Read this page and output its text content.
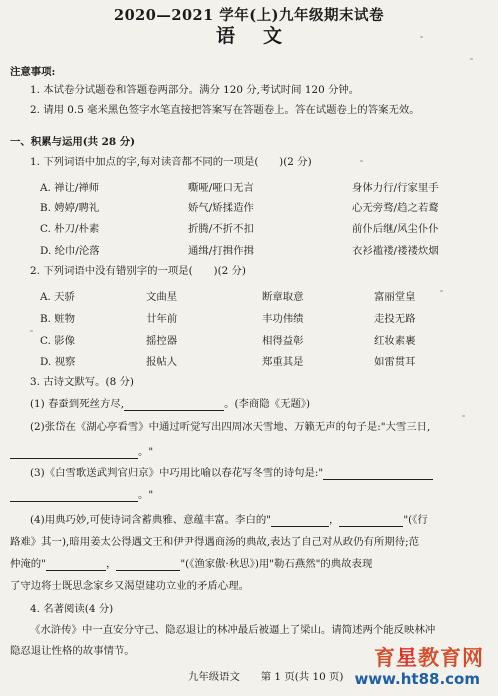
2020—2021 学年(上)九年级期末试卷
语文
注意事项:
1. 本试卷分试题卷和答题卷两部分。满分 120 分,考试时间 120 分钟。
2. 请用 0.5 毫米黑色签字水笔直接把答案写在答题卷上。答在试题卷上的答案无效。
一、积累与运用(共 28 分)
1. 下列词语中加点的字,每对读音都不同的一项是(　　)(2 分)
A. 禅让/禅师	嘶哑/哑口无言	身体力行/行家里手
B. 娉婷/聘礼	娇气/矫揉造作	心无旁骛/趋之若鹜
C. 朴刀/朴素	折腾/不折不扣	前仆后继/风尘仆仆
D. 纶巾/沦落	通缉/打揖作揖	衣衫褴褛/褛褛炊烟
2. 下列词语中没有错别字的一项是(　　)(2 分)
A. 天骄	文曲星	断章取意	富丽堂皇
B. 赃物	廿年前	丰功伟绩	走投无路
C. 影像	摇控器	相得益彰	红妆素裹
D. 视察	报帖人	郑重其是	如雷贯耳
3. 古诗文默写。(8 分)
(1) 春蚕到死丝方尽,	。(李商隐《无题》)
(2)张岱在《湖心亭看雪》中通过听觉写出四周冰天雪地、万籁无声的句子是:"大雪三日,
。"
(3)《白雪歌送武判官归京》中巧用比喻以春花写冬雪的诗句是:"
。"
(4)用典巧妙,可使诗词含蓄典雅、意蕴丰富。李白的"	，	"(《行
路难》其一),暗用姜太公得遇文王和伊尹得遇商汤的典故,表达了自己对从政仍有所期待;范
仲淹的"	，	"(《渔家傲·秋思》)用"勒石燕然"的典故表现
了守边将士既思念家乡又渴望建功立业的矛盾心理。
4. 名著阅读(4 分)
《水浒传》中一直安分守己、隐忍退让的林冲最后被逼上了梁山。请简述两个能反映林冲
隐忍退让性格的故事情节。
九年级语文　　第 1 页(共 10 页)
育星教育网
www.ht88.com
